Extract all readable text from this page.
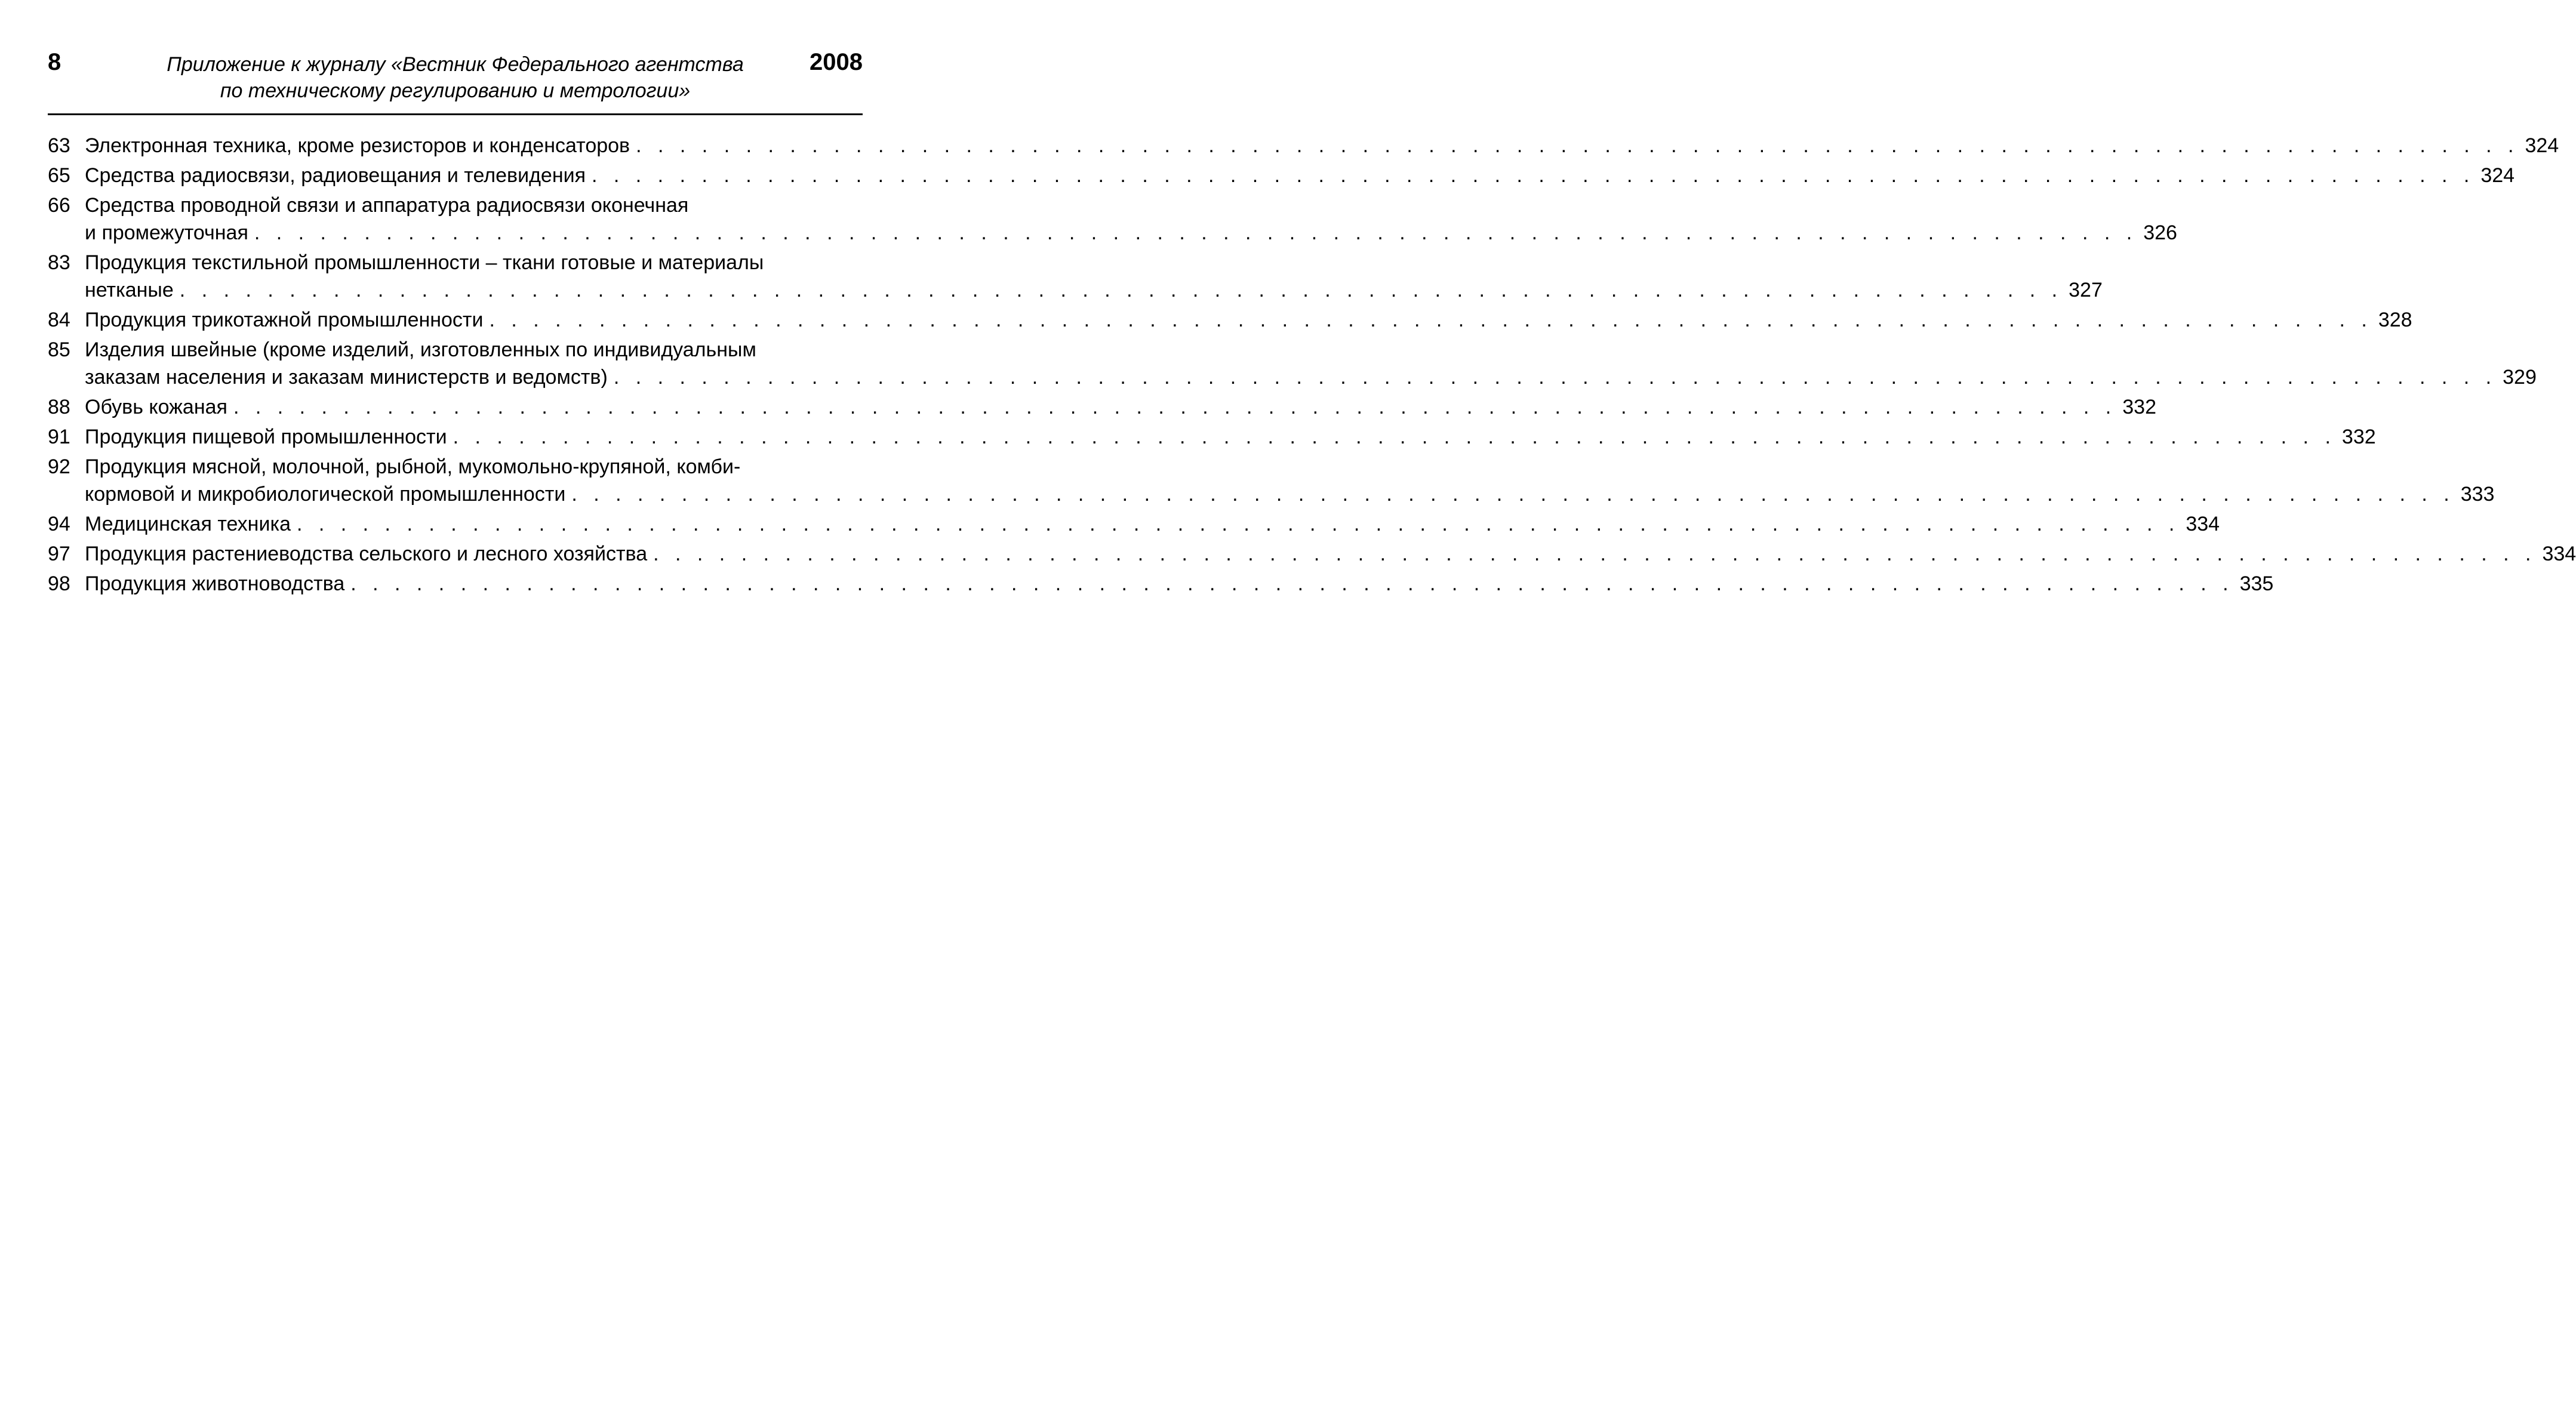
8	Приложение к журналу «Вестник Федерального агентства
по техническому регулированию и метрологии»
2008
63 Электронная техника, кроме резисторов и конденсаторов . . .	324
65 Средства радиосвязи, радиовещания и телевидения . . .	324
66 Средства проводной связи и аппаратура радиосвязи оконечная
и промежуточная . . .	326
83 Продукция текстильной промышленности – ткани готовые и материалы
нетканые . . .	327
84 Продукция трикотажной промышленности . . .	328
85 Изделия швейные (кроме изделий, изготовленных по индивидуальным
заказам населения и заказам министерств и ведомств) . . .	329
88 Обувь кожаная . . .	332
91 Продукция пищевой промышленности . . .	332
92 Продукция мясной, молочной, рыбной, мукомольно-крупяной, комби-
кормовой и микробиологической промышленности . . .	333
94 Медицинская техника . . .	334
97 Продукция растениеводства сельского и лесного хозяйства . . .	334
98 Продукция животноводства . . .	335
